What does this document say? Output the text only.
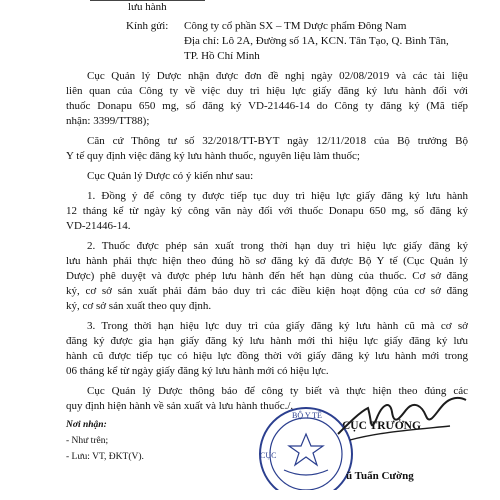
lưu hành
Kính gửi: Công ty cổ phần SX – TM Dược phẩm Đông Nam
Địa chỉ: Lô 2A, Đường số 1A, KCN. Tân Tạo, Q. Bình Tân,
TP. Hồ Chí Minh
Cục Quản lý Dược nhận được đơn đề nghị ngày 02/08/2019 và các tài liệu
liên quan của Công ty về việc duy trì hiệu lực giấy đăng ký lưu hành đối với
thuốc Donapu 650 mg, số đăng ký VD-21446-14 do Công ty đăng ký (Mã tiếp
nhận: 3399/TT88);
Căn cứ Thông tư số 32/2018/TT-BYT ngày 12/11/2018 của Bộ trưởng Bộ
Y tế quy định việc đăng ký lưu hành thuốc, nguyên liệu làm thuốc;
Cục Quản lý Dược có ý kiến như sau:
1. Đồng ý để công ty được tiếp tục duy trì hiệu lực giấy đăng ký lưu hành
12 tháng kể từ ngày ký công văn này đối với thuốc Donapu 650 mg, số đăng ký
VD-21446-14.
2. Thuốc được phép sản xuất trong thời hạn duy trì hiệu lực giấy đăng ký
lưu hành phải thực hiện theo đúng hồ sơ đăng ký đã được Bộ Y tế (Cục Quản lý
Dược) phê duyệt và được phép lưu hành đến hết hạn dùng của thuốc. Cơ sở đăng
ký, cơ sở sản xuất phải đảm bảo duy trì các điều kiện hoạt động của cơ sở đăng
ký, cơ sở sản xuất theo quy định.
3. Trong thời hạn hiệu lực duy trì của giấy đăng ký lưu hành cũ mà cơ sở
đăng ký được gia hạn giấy đăng ký lưu hành mới thì hiệu lực giấy đăng ký lưu
hành cũ được tiếp tục có hiệu lực đồng thời với giấy đăng ký lưu hành mới trong
06 tháng kể từ ngày giấy đăng ký lưu hành mới có hiệu lực.
Cục Quản lý Dược thông báo để công ty biết và thực hiện theo đúng các
quy định hiện hành về sản xuất và lưu hành thuốc./.
Nơi nhận:
- Như trên;
- Lưu: VT, ĐKT(V).
CỤC TRƯỞNG
BỘ Y TẾ
CỤC
ũ Tuấn Cường
